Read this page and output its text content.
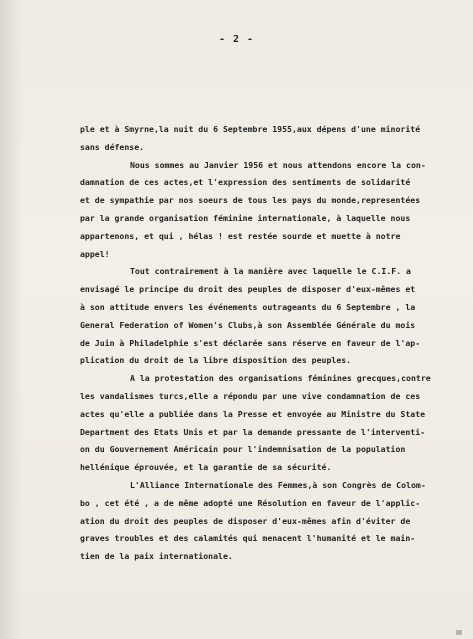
- 2 -
ple et à Smyrne,la nuit du 6 Septembre 1955,aux dépens d'une minorité
sans défense.
Nous sommes au Janvier 1956 et nous attendons encore la con-
damnation de ces actes,et l'expression des sentiments de solidarité
et de sympathie par nos soeurs de tous les pays du monde,representées
par la grande organisation féminine internationale, à laquelle nous
appartenons, et qui , hélas ! est restée sourde et muette à notre
appel!
Tout contrairement à la manière avec laquelle le C.I.F. a
envisagé le principe du droit des peuples de disposer d'eux-mêmes et
à son attitude envers les événements outrageants du 6 Septembre , la
General Federation of Women's Clubs,à son Assemblée Générale du mois
de Juin à Philadelphie s'est déclarée sans réserve en faveur de l'ap-
plication du droit de la libre disposition des peuples.
A la protestation des organisations féminines grecques,contre
les vandalismes turcs,elle a répondu par une vive condamnation de ces
actes qu'elle a publiée dans la Presse et envoyée au Ministre du State
Department des Etats Unis et par la demande pressante de l'interventi-
on du Gouvernement Américain pour l'indemnisation de la population
hellénique éprouvée, et la garantie de sa sécurité.
L'Alliance Internationale des Femmes,à son Congrès de Colom-
bo , cet été , a de même adopté une Résolution en faveur de l'applic-
ation du droit des peuples de disposer d'eux-mêmes afin d'éviter de
graves troubles et des calamités qui menacent l'humanité et le main-
tien de la paix internationale.
